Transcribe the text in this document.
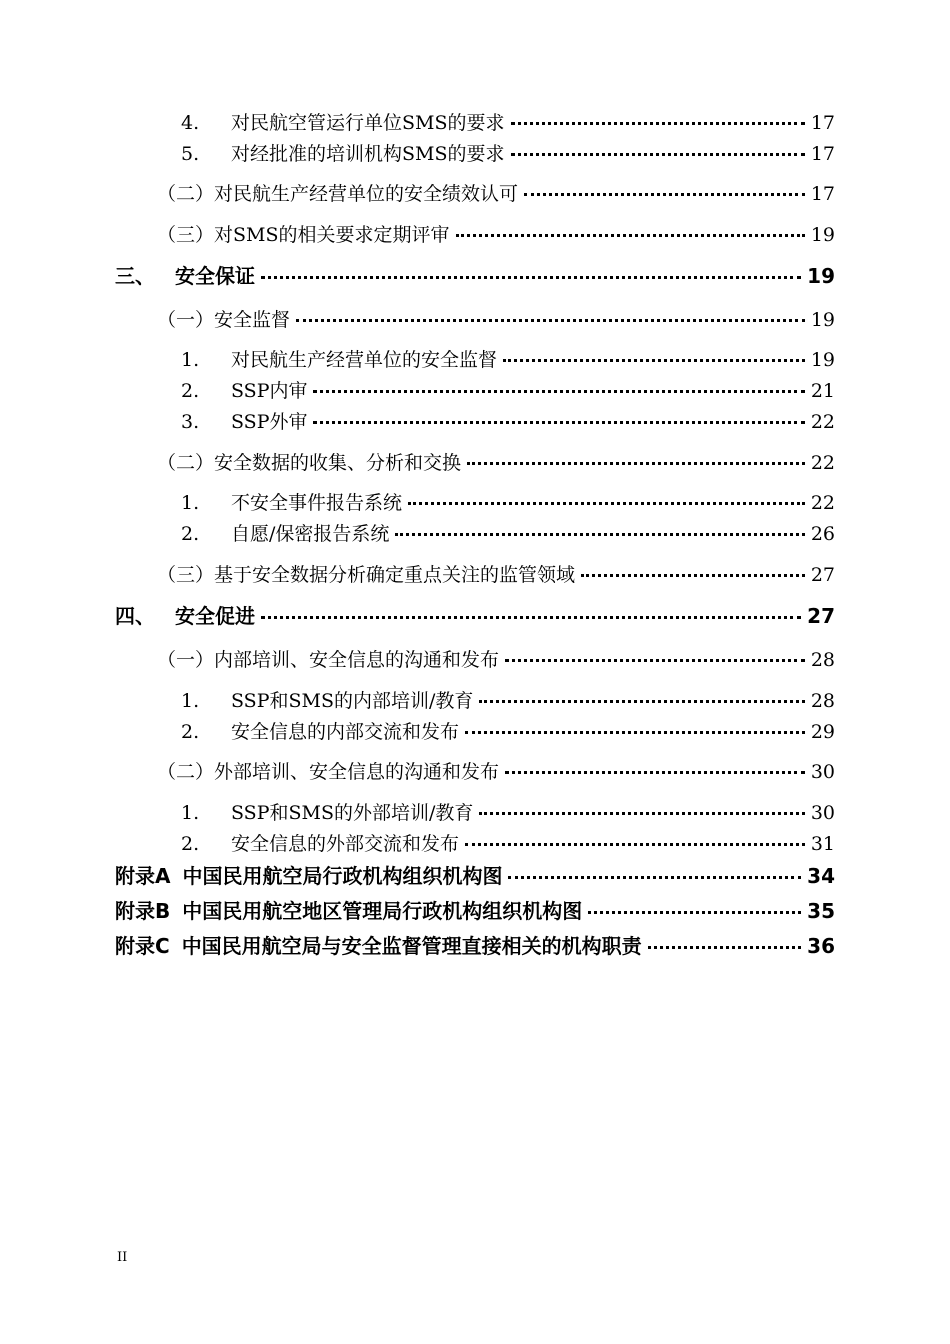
4.	对民航空管运行单位SMS的要求	17
5.	对经批准的培训机构SMS的要求	17
（二）对民航生产经营单位的安全绩效认可	17
（三）对SMS的相关要求定期评审	19
三、	安全保证	19
（一）安全监督	19
1.	对民航生产经营单位的安全监督	19
2.	SSP内审	21
3.	SSP外审	22
（二）安全数据的收集、分析和交换	22
1.	不安全事件报告系统	22
2.	自愿/保密报告系统	26
（三）基于安全数据分析确定重点关注的监管领域	27
四、	安全促进	27
（一）内部培训、安全信息的沟通和发布	28
1.	SSP和SMS的内部培训/教育	28
2.	安全信息的内部交流和发布	29
（二）外部培训、安全信息的沟通和发布	30
1.	SSP和SMS的外部培训/教育	30
2.	安全信息的外部交流和发布	31
附录A 中国民用航空局行政机构组织机构图	34
附录B 中国民用航空地区管理局行政机构组织机构图	35
附录C 中国民用航空局与安全监督管理直接相关的机构职责	36
II
